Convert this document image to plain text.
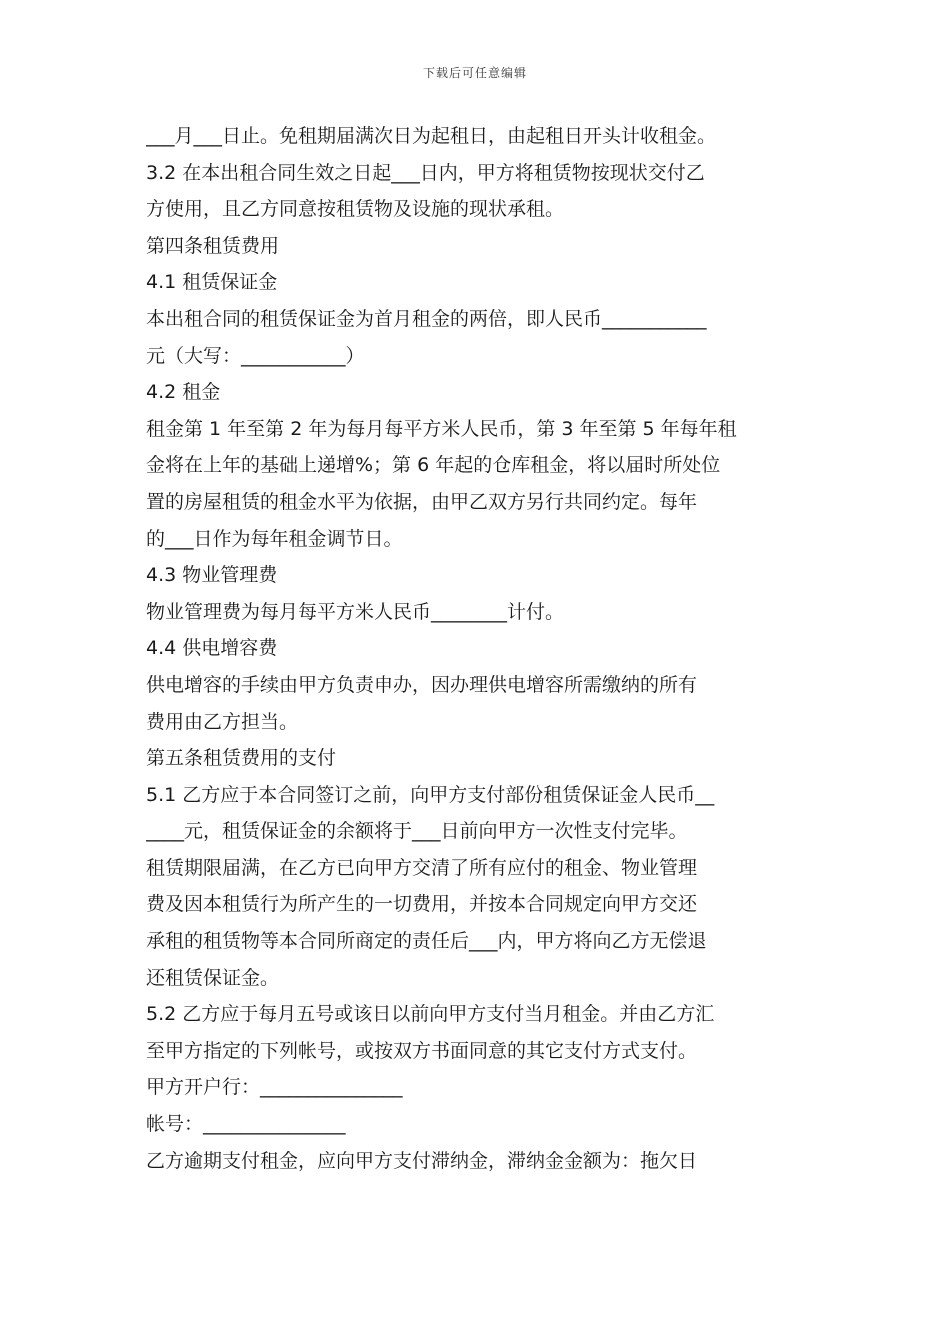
下载后可任意编辑
___月___日止。免租期届满次日为起租日，由起租日开头计收租金。
3.2 在本出租合同生效之日起___日内，甲方将租赁物按现状交付乙
方使用，且乙方同意按租赁物及设施的现状承租。
第四条租赁费用
4.1 租赁保证金
本出租合同的租赁保证金为首月租金的两倍，即人民币___________
元（大写：___________）
4.2 租金
租金第 1 年至第 2 年为每月每平方米人民币，第 3 年至第 5 年每年租
金将在上年的基础上递增%；第 6 年起的仓库租金，将以届时所处位
置的房屋租赁的租金水平为依据，由甲乙双方另行共同约定。每年
的___日作为每年租金调节日。
4.3 物业管理费
物业管理费为每月每平方米人民币________计付。
4.4 供电增容费
供电增容的手续由甲方负责申办，因办理供电增容所需缴纳的所有
费用由乙方担当。
第五条租赁费用的支付
5.1 乙方应于本合同签订之前，向甲方支付部份租赁保证金人民币__
____元，租赁保证金的余额将于___日前向甲方一次性支付完毕。
租赁期限届满，在乙方已向甲方交清了所有应付的租金、物业管理
费及因本租赁行为所产生的一切费用，并按本合同规定向甲方交还
承租的租赁物等本合同所商定的责任后___内，甲方将向乙方无偿退
还租赁保证金。
5.2 乙方应于每月五号或该日以前向甲方支付当月租金。并由乙方汇
至甲方指定的下列帐号，或按双方书面同意的其它支付方式支付。
甲方开户行：_______________
帐号：_______________
乙方逾期支付租金，应向甲方支付滞纳金，滞纳金金额为：拖欠日
